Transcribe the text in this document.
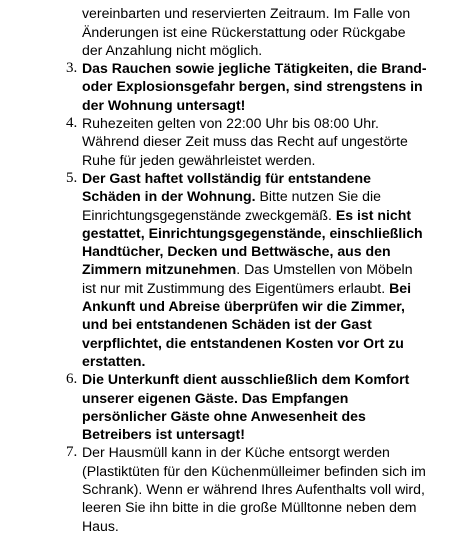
vereinbarten und reservierten Zeitraum. Im Falle von
Änderungen ist eine Rückerstattung oder Rückgabe
der Anzahlung nicht möglich.
3. Das Rauchen sowie jegliche Tätigkeiten, die Brand-
oder Explosionsgefahr bergen, sind strengstens in
der Wohnung untersagt!
4. Ruhezeiten gelten von 22:00 Uhr bis 08:00 Uhr.
Während dieser Zeit muss das Recht auf ungestörte
Ruhe für jeden gewährleistet werden.
5. Der Gast haftet vollständig für entstandene
Schäden in der Wohnung. Bitte nutzen Sie die
Einrichtungsgegenstände zweckgemäß. Es ist nicht
gestattet, Einrichtungsgegenstände, einschließlich
Handtücher, Decken und Bettwäsche, aus den
Zimmern mitzunehmen. Das Umstellen von Möbeln
ist nur mit Zustimmung des Eigentümers erlaubt. Bei
Ankunft und Abreise überprüfen wir die Zimmer,
und bei entstandenen Schäden ist der Gast
verpflichtet, die entstandenen Kosten vor Ort zu
erstatten.
6. Die Unterkunft dient ausschließlich dem Komfort
unserer eigenen Gäste. Das Empfangen
persönlicher Gäste ohne Anwesenheit des
Betreibers ist untersagt!
7. Der Hausmüll kann in der Küche entsorgt werden
(Plastiktüten für den Küchenmülleimer befinden sich im
Schrank). Wenn er während Ihres Aufenthalts voll wird,
leeren Sie ihn bitte in die große Mülltonne neben dem
Haus.
